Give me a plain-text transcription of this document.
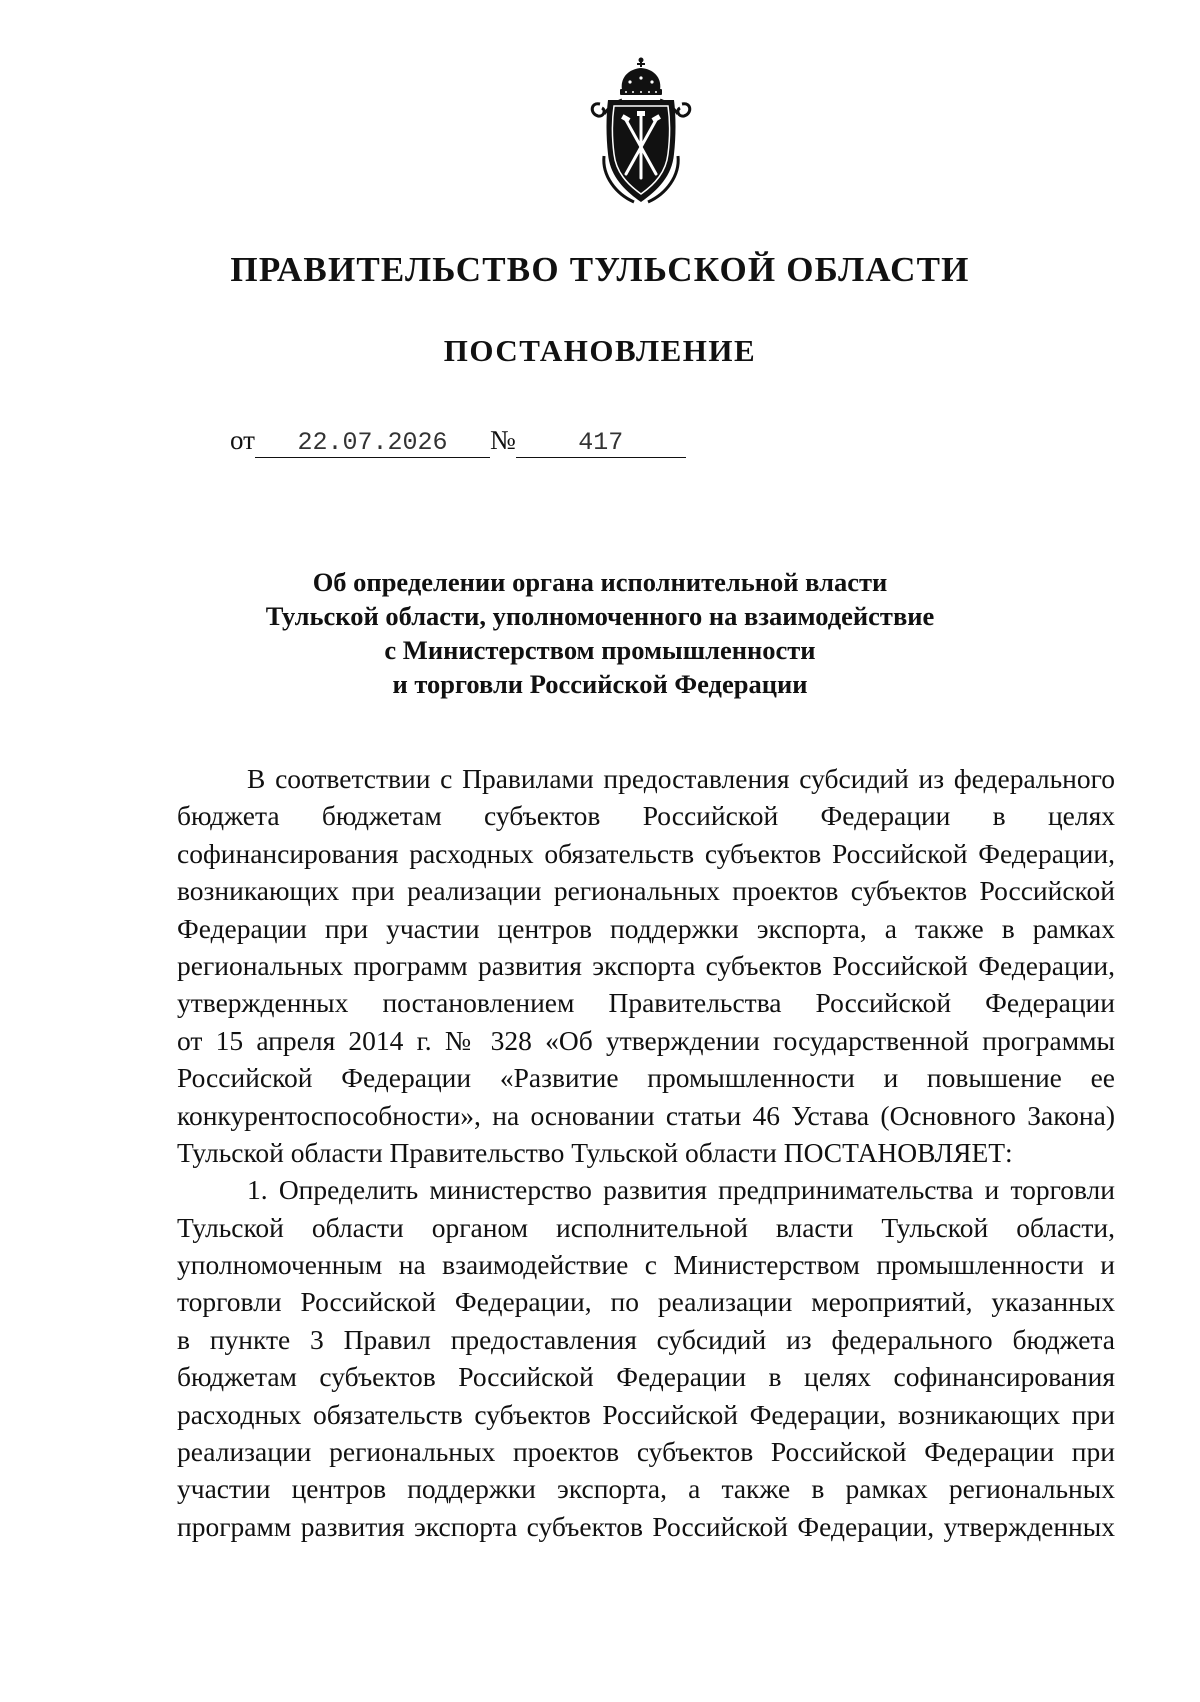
ПРАВИТЕЛЬСТВО ТУЛЬСКОЙ ОБЛАСТИ
ПОСТАНОВЛЕНИЕ
от 22.07.2026 № 417
Об определении органа исполнительной власти
Тульской области, уполномоченного на взаимодействие
с Министерством промышленности
и торговли Российской Федерации
В соответствии с Правилами предоставления субсидий из федерального
бюджета бюджетам субъектов Российской Федерации в целях
софинансирования расходных обязательств субъектов Российской Федерации,
возникающих при реализации региональных проектов субъектов Российской
Федерации при участии центров поддержки экспорта, а также в рамках
региональных программ развития экспорта субъектов Российской Федерации,
утвержденных постановлением Правительства Российской Федерации
от 15 апреля 2014 г. № 328 «Об утверждении государственной программы
Российской Федерации «Развитие промышленности и повышение ее
конкурентоспособности», на основании статьи 46 Устава (Основного Закона)
Тульской области Правительство Тульской области ПОСТАНОВЛЯЕТ:
1. Определить министерство развития предпринимательства и торговли
Тульской области органом исполнительной власти Тульской области,
уполномоченным на взаимодействие с Министерством промышленности и
торговли Российской Федерации, по реализации мероприятий, указанных
в пункте 3 Правил предоставления субсидий из федерального бюджета
бюджетам субъектов Российской Федерации в целях софинансирования
расходных обязательств субъектов Российской Федерации, возникающих при
реализации региональных проектов субъектов Российской Федерации при
участии центров поддержки экспорта, а также в рамках региональных
программ развития экспорта субъектов Российской Федерации, утвержденных
